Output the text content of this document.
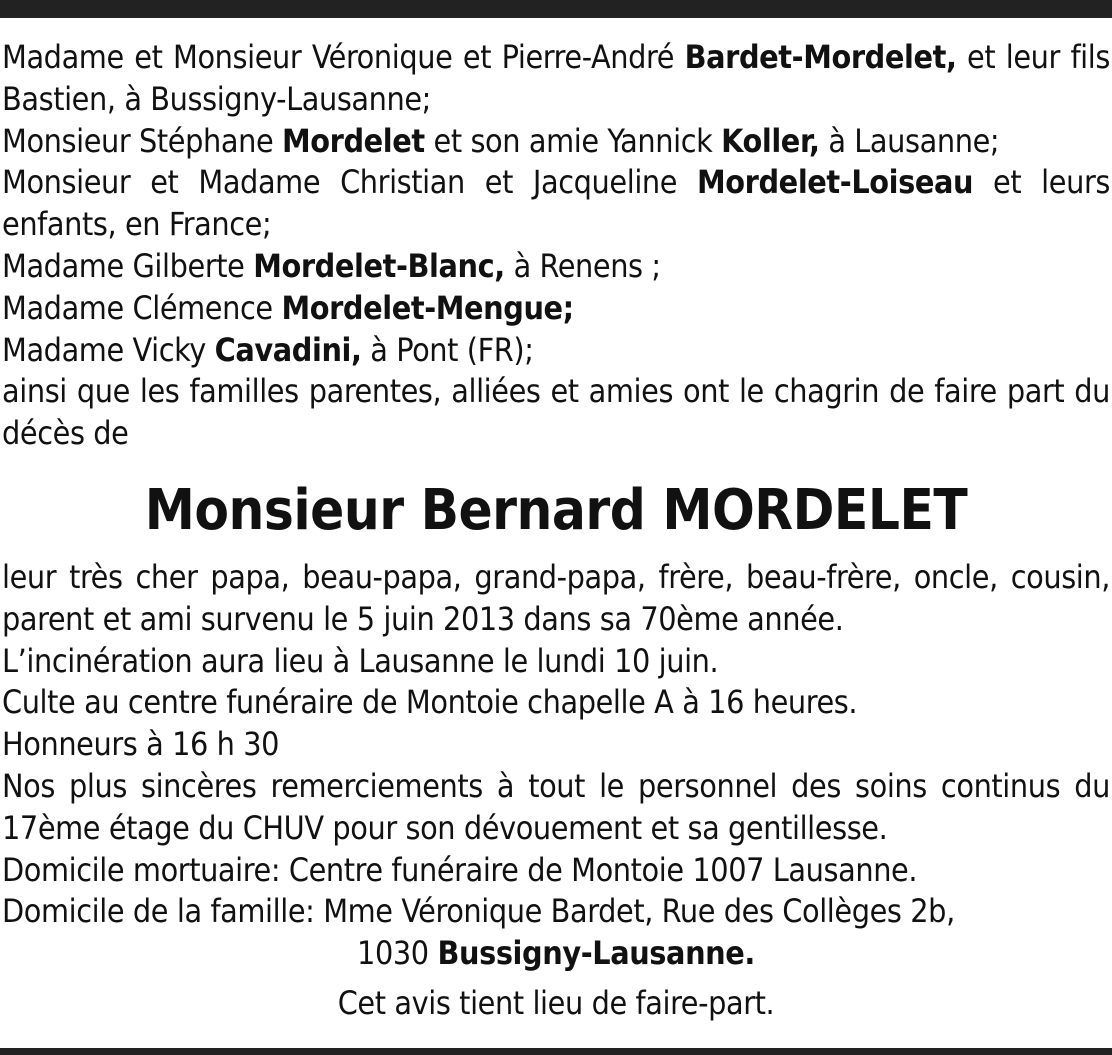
Madame et Monsieur Véronique et Pierre-André Bardet-Mordelet, et leur fils Bastien, à Bussigny-Lausanne;

Monsieur Stéphane Mordelet et son amie Yannick Koller, à Lausanne;

Monsieur et Madame Christian et Jacqueline Mordelet-Loiseau et leurs enfants, en France;

Madame Gilberte Mordelet-Blanc, à Renens ;

Madame Clémence Mordelet-Mengue;

Madame Vicky Cavadini, à Pont (FR);

ainsi que les familles parentes, alliées et amies ont le chagrin de faire part du décès de

Monsieur Bernard MORDELET

leur très cher papa, beau-papa, grand-papa, frère, beau-frère, oncle, cousin, parent et ami survenu le 5 juin 2013 dans sa 70ème année.

L’incinération aura lieu à Lausanne le lundi 10 juin.

Culte au centre funéraire de Montoie chapelle A à 16 heures.

Honneurs à 16 h 30

Nos plus sincères remerciements à tout le personnel des soins continus du 17ème étage du CHUV pour son dévouement et sa gentillesse.

Domicile mortuaire: Centre funéraire de Montoie 1007 Lausanne.

Domicile de la famille: Mme Véronique Bardet, Rue des Collèges 2b,

1030 Bussigny-Lausanne.

Cet avis tient lieu de faire-part.
